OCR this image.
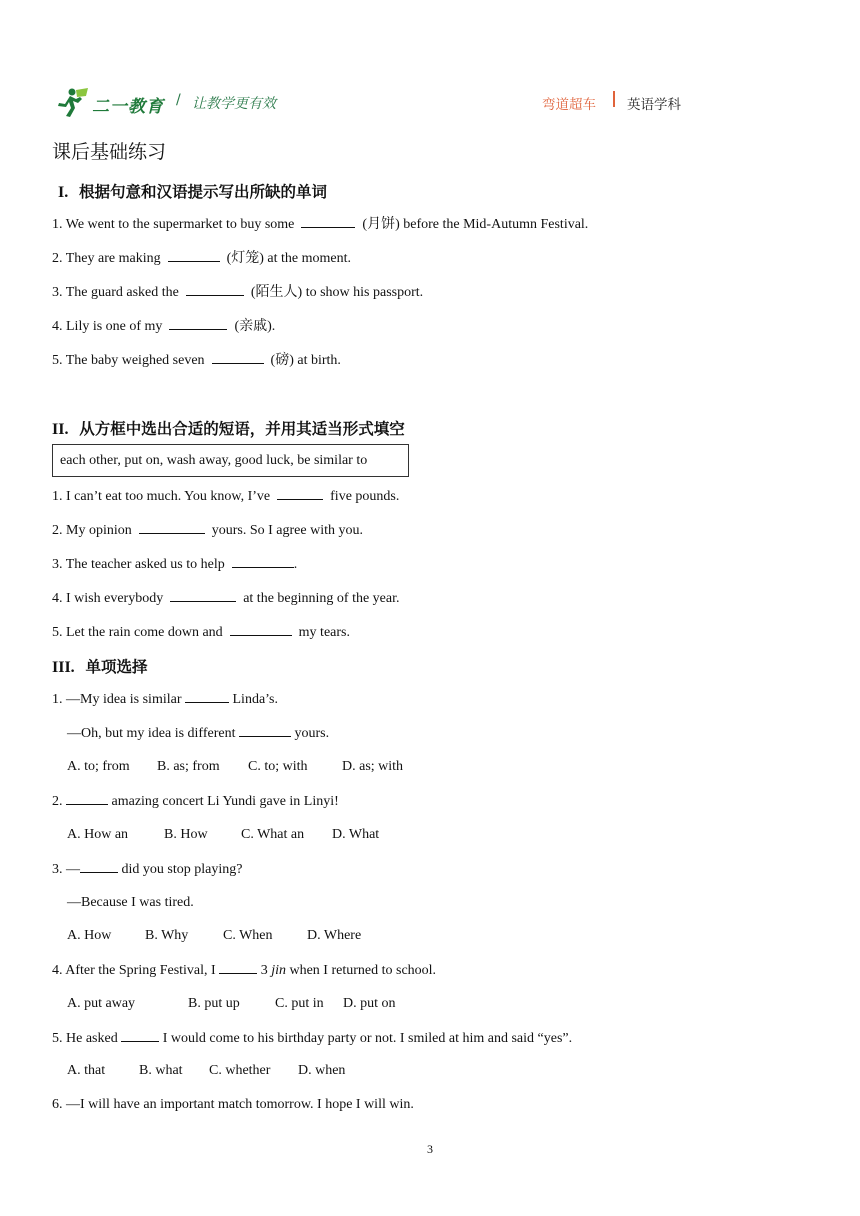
二一教育 / 让教学更有效	弯道超车 英语学科
课后基础练习
I. 根据句意和汉语提示写出所缺的单词
1. We went to the supermarket to buy some	(月饼) before the Mid-Autumn Festival.
2. They are making	(灯笼) at the moment.
3. The guard asked the	(陌生人) to show his passport.
4. Lily is one of my	(亲戚).
5. The baby weighed seven	(磅) at birth.
II. 从方框中选出合适的短语，并用其适当形式填空
each other, put on, wash away, good luck, be similar to
1. I can’t eat too much. You know, I’ve	five pounds.
2. My opinion	yours. So I agree with you.
3. The teacher asked us to help	.
4. I wish everybody	at the beginning of the year.
5. Let the rain come down and	my tears.
III. 单项选择
1. —My idea is similar	Linda’s.
—Oh, but my idea is different	yours.
A. to; from B. as; from C. to; with D. as; with
2.	amazing concert Li Yundi gave in Linyi!
A. How an	B. How C. What an D. What
3. —	did you stop playing?
—Because I was tired.
A. How B. Why C. When D. Where
4. After the Spring Festival, I	3 jin when I returned to school.
A. put away	B. put up	C. put in D. put on
5. He asked	I would come to his birthday party or not. I smiled at him and said “yes”.
A. that B. what C. whether D. when
6. —I will have an important match tomorrow. I hope I will win.
3
